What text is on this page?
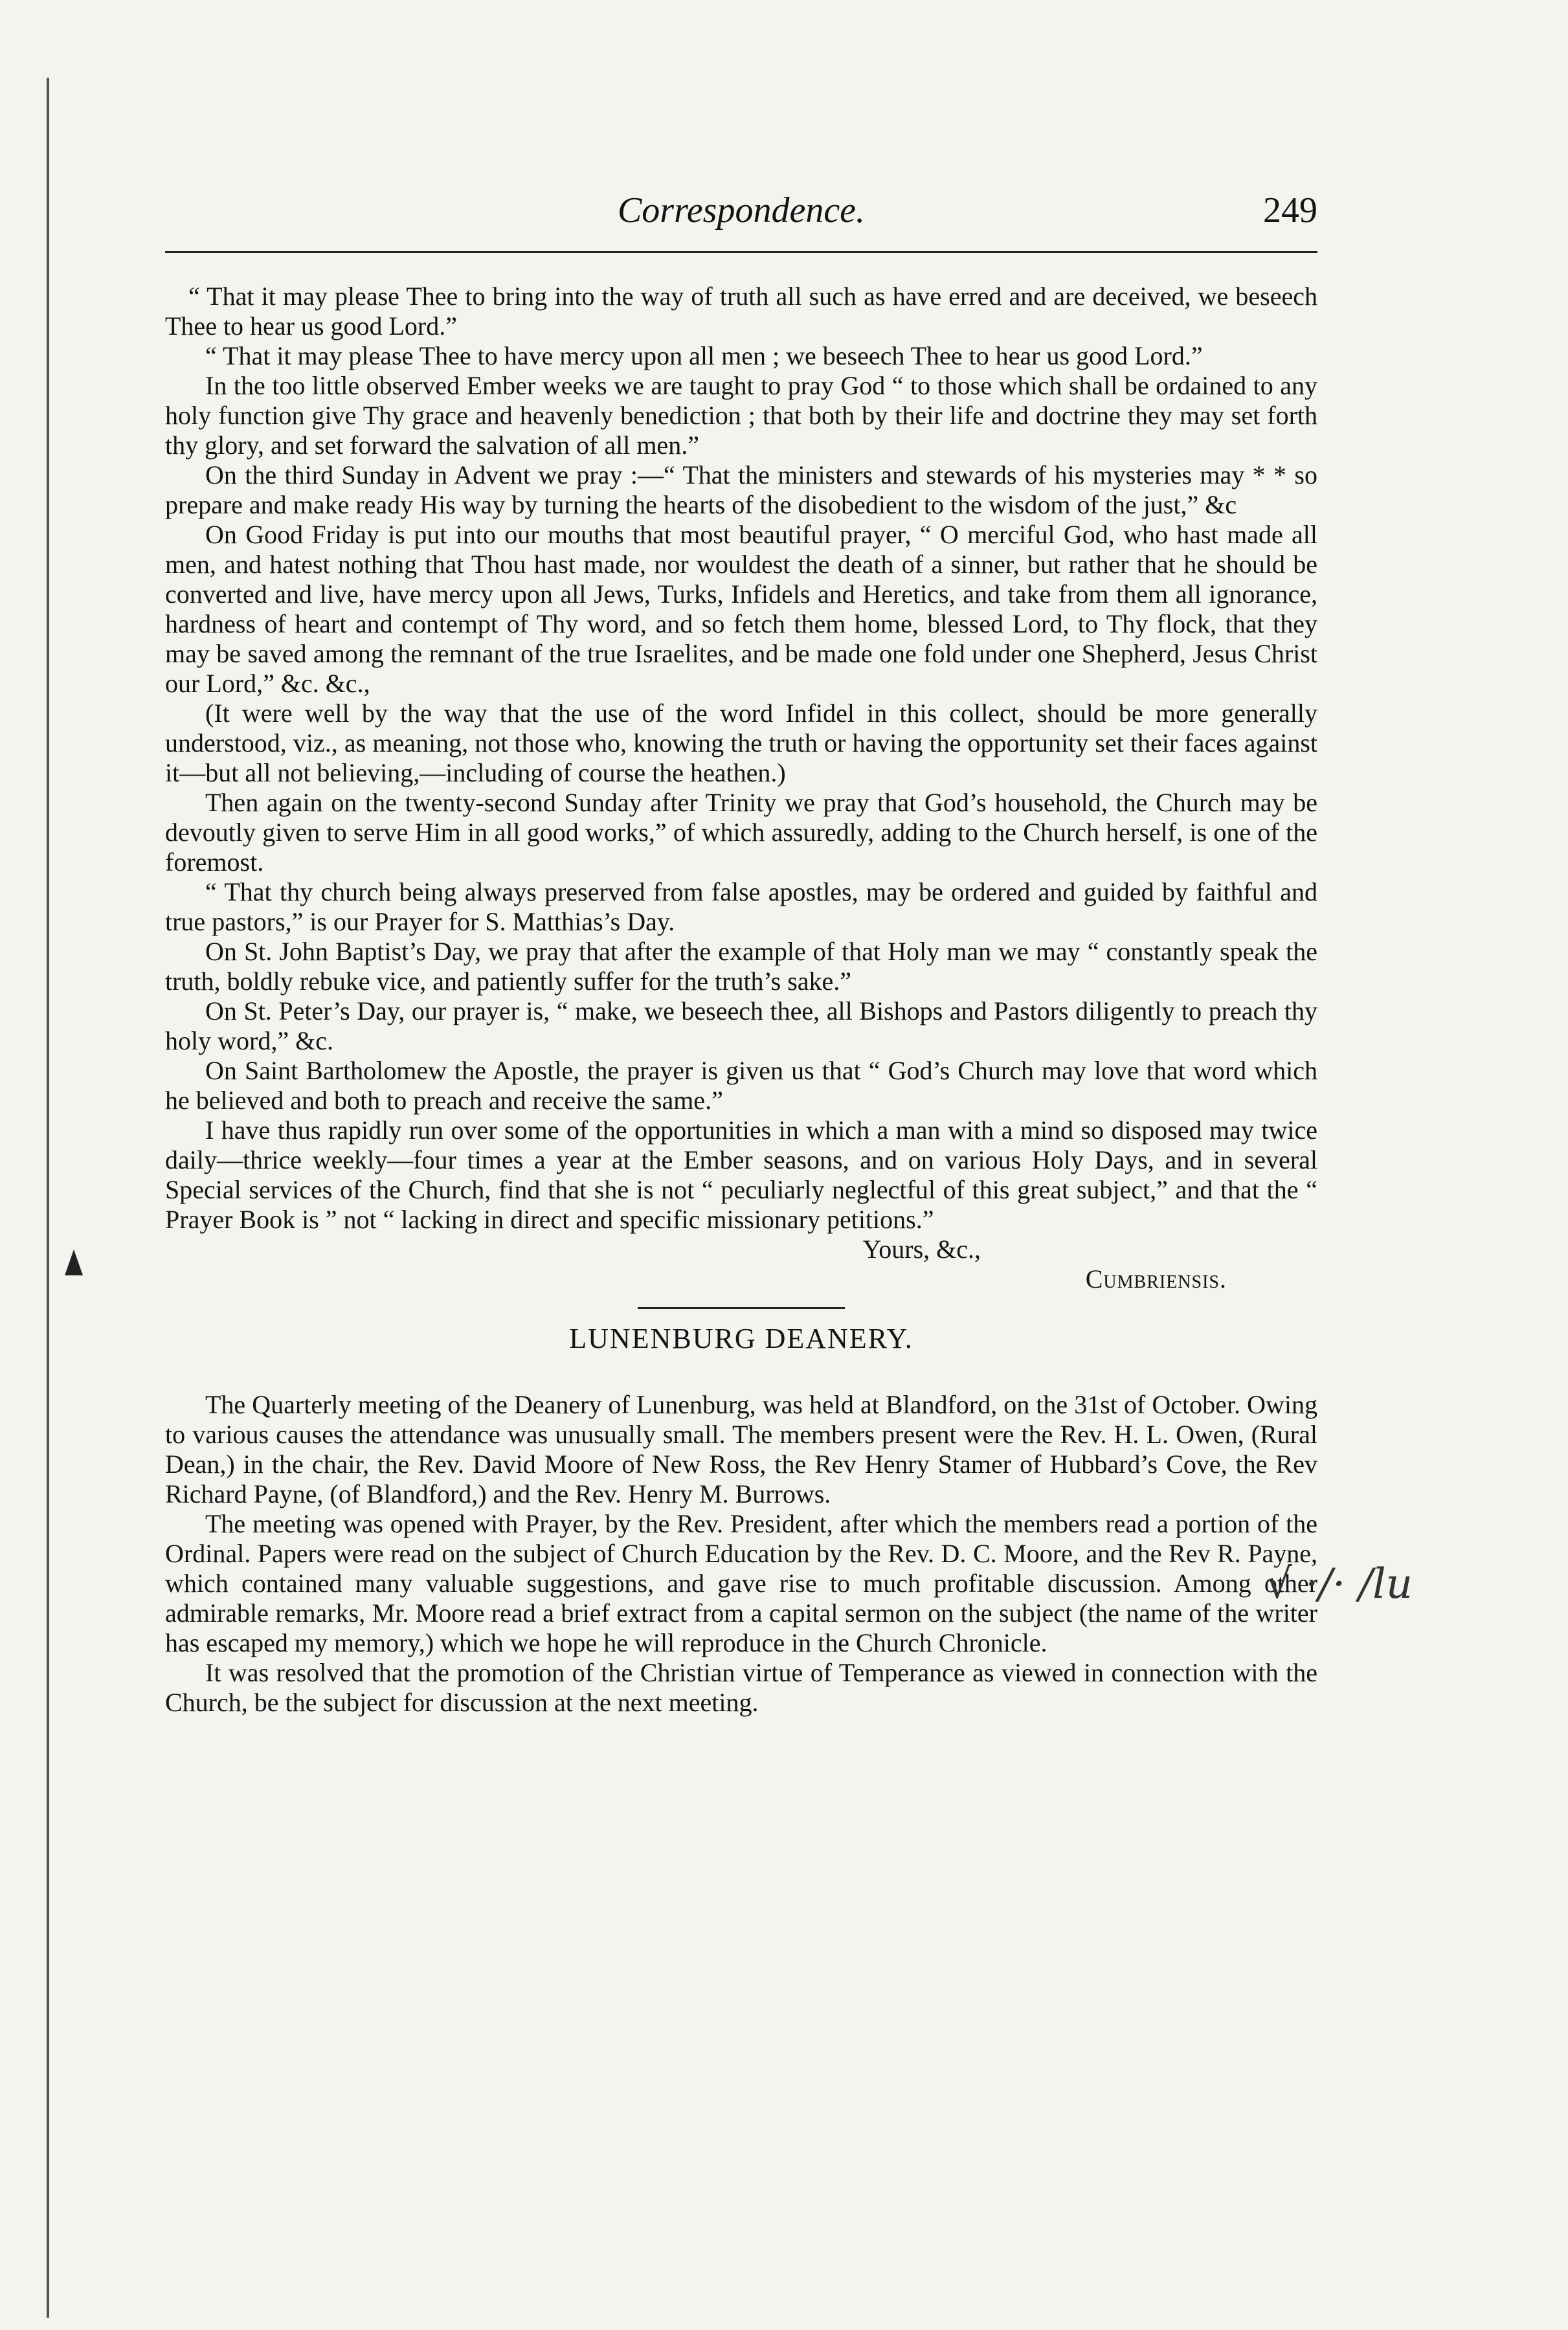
Correspondence.	249

“ That it may please Thee to bring into the way of truth all such as have erred and are deceived, we beseech Thee to hear us good Lord.”

“ That it may please Thee to have mercy upon all men ; we beseech Thee to hear us good Lord.”

In the too little observed Ember weeks we are taught to pray God “ to those which shall be ordained to any holy function give Thy grace and heavenly benediction ; that both by their life and doctrine they may set forth thy glory, and set forward the salvation of all men.”

On the third Sunday in Advent we pray :—“ That the ministers and stewards of his mysteries may * * so prepare and make ready His way by turning the hearts of the disobedient to the wisdom of the just,” &c

On Good Friday is put into our mouths that most beautiful prayer, “ O merciful God, who hast made all men, and hatest nothing that Thou hast made, nor wouldest the death of a sinner, but rather that he should be converted and live, have mercy upon all Jews, Turks, Infidels and Heretics, and take from them all ignorance, hardness of heart and contempt of Thy word, and so fetch them home, blessed Lord, to Thy flock, that they may be saved among the remnant of the true Israelites, and be made one fold under one Shepherd, Jesus Christ our Lord,” &c. &c.,

(It were well by the way that the use of the word Infidel in this collect, should be more generally understood, viz., as meaning, not those who, knowing the truth or having the opportunity set their faces against it—but all not believing,—including of course the heathen.)

Then again on the twenty-second Sunday after Trinity we pray that God’s household, the Church may be devoutly given to serve Him in all good works,” of which assuredly, adding to the Church herself, is one of the foremost.

“ That thy church being always preserved from false apostles, may be ordered and guided by faithful and true pastors,” is our Prayer for S. Matthias’s Day.

On St. John Baptist’s Day, we pray that after the example of that Holy man we may “ constantly speak the truth, boldly rebuke vice, and patiently suffer for the truth’s sake.”

On St. Peter’s Day, our prayer is, “ make, we beseech thee, all Bishops and Pastors diligently to preach thy holy word,” &c.

On Saint Bartholomew the Apostle, the prayer is given us that “ God’s Church may love that word which he believed and both to preach and receive the same.”

I have thus rapidly run over some of the opportunities in which a man with a mind so disposed may twice daily—thrice weekly—four times a year at the Ember seasons, and on various Holy Days, and in several Special services of the Church, find that she is not “ peculiarly neglectful of this great subject,” and that the “ Prayer Book is ” not “ lacking in direct and specific missionary petitions.”

Yours, &c.,
Cumbriensis.
LUNENBURG DEANERY.

The Quarterly meeting of the Deanery of Lunenburg, was held at Blandford, on the 31st of October. Owing to various causes the attendance was unusually small. The members present were the Rev. H. L. Owen, (Rural Dean,) in the chair, the Rev. David Moore of New Ross, the Rev Henry Stamer of Hubbard’s Cove, the Rev Richard Payne, (of Blandford,) and the Rev. Henry M. Burrows.

The meeting was opened with Prayer, by the Rev. President, after which the members read a portion of the Ordinal. Papers were read on the subject of Church Education by the Rev. D. C. Moore, and the Rev R. Payne, which contained many valuable suggestions, and gave rise to much profitable discussion. Among other admirable remarks, Mr. Moore read a brief extract from a capital sermon on the subject (the name of the writer has escaped my memory,) which we hope he will reproduce in the Church Chronicle.

It was resolved that the promotion of the Christian virtue of Temperance as viewed in connection with the Church, be the subject for discussion at the next meeting.

√ ·/· /lu
